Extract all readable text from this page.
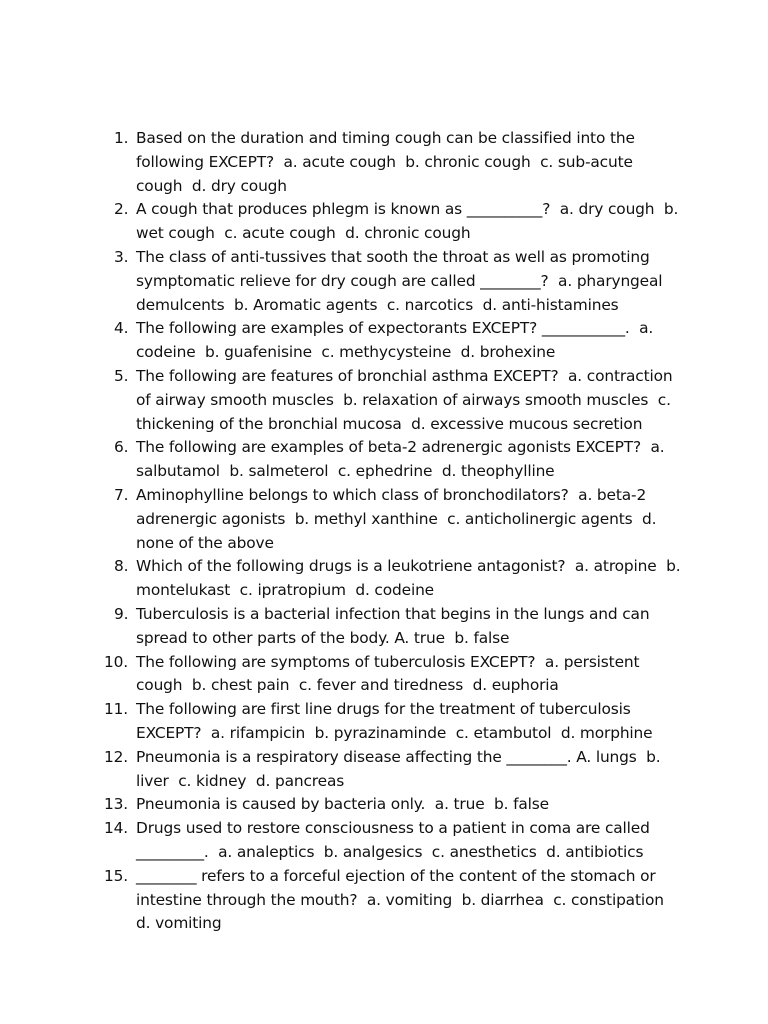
1. Based on the duration and timing cough can be classified into the following EXCEPT?  a. acute cough  b. chronic cough  c. sub-acute cough  d. dry cough
2. A cough that produces phlegm is known as __________?  a. dry cough  b. wet cough  c. acute cough  d. chronic cough
3. The class of anti-tussives that sooth the throat as well as promoting symptomatic relieve for dry cough are called ________?  a. pharyngeal demulcents  b. Aromatic agents  c. narcotics  d. anti-histamines
4. The following are examples of expectorants EXCEPT? ___________.  a. codeine  b. guafenisine  c. methycysteine  d. brohexine
5. The following are features of bronchial asthma EXCEPT?  a. contraction of airway smooth muscles  b. relaxation of airways smooth muscles  c. thickening of the bronchial mucosa  d. excessive mucous secretion
6. The following are examples of beta-2 adrenergic agonists EXCEPT?  a. salbutamol  b. salmeterol  c. ephedrine  d. theophylline
7. Aminophylline belongs to which class of bronchodilators?  a. beta-2 adrenergic agonists  b. methyl xanthine  c. anticholinergic agents  d. none of the above
8. Which of the following drugs is a leukotriene antagonist?  a. atropine  b. montelukast  c. ipratropium  d. codeine
9. Tuberculosis is a bacterial infection that begins in the lungs and can spread to other parts of the body. A. true  b. false
10. The following are symptoms of tuberculosis EXCEPT?  a. persistent cough  b. chest pain  c. fever and tiredness  d. euphoria
11. The following are first line drugs for the treatment of tuberculosis EXCEPT?  a. rifampicin  b. pyrazinaminde  c. etambutol  d. morphine
12. Pneumonia is a respiratory disease affecting the ________. A. lungs  b. liver  c. kidney  d. pancreas
13. Pneumonia is caused by bacteria only.  a. true  b. false
14. Drugs used to restore consciousness to a patient in coma are called _________.  a. analeptics  b. analgesics  c. anesthetics  d. antibiotics
15. ________ refers to a forceful ejection of the content of the stomach or intestine through the mouth?  a. vomiting  b. diarrhea  c. constipation  d. vomiting
